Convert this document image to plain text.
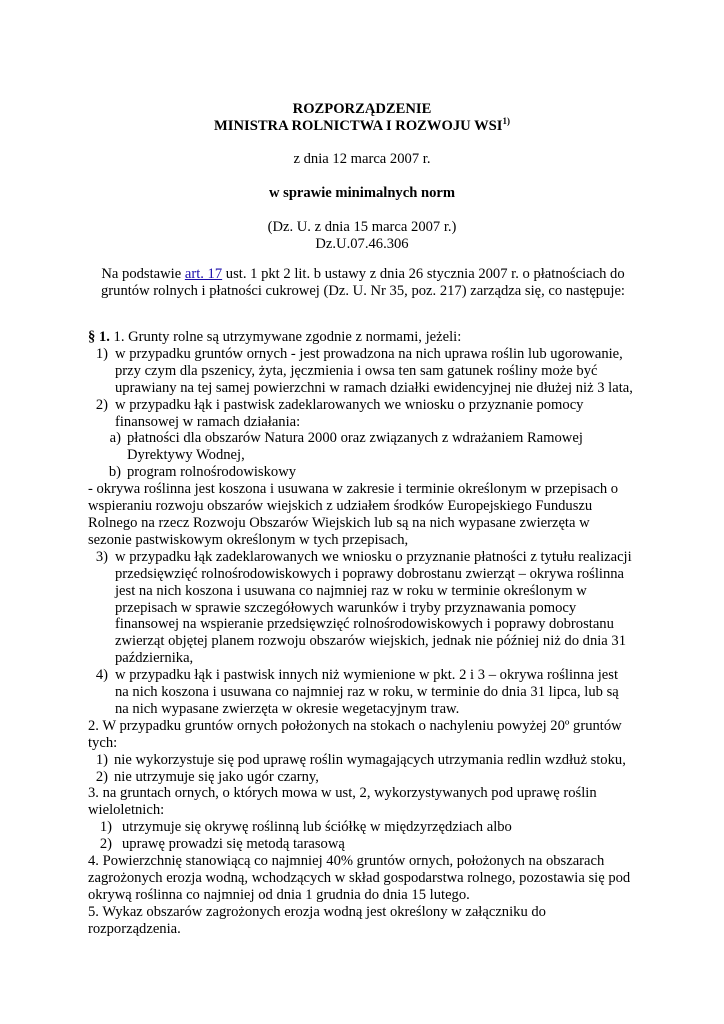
ROZPORZĄDZENIE
MINISTRA ROLNICTWA I ROZWOJU WSI$^{1)}$
z dnia 12 marca 2007 r.
w sprawie minimalnych norm
(Dz. U. z dnia 15 marca 2007 r.)
Dz.U.07.46.306
Na podstawie art. 17 ust. 1 pkt 2 lit. b ustawy z dnia 26 stycznia 2007 r. o płatnościach do gruntów rolnych i płatności cukrowej (Dz. U. Nr 35, poz. 217) zarządza się, co następuje:

§ 1. 1. Grunty rolne są utrzymywane zgodnie z normami, jeżeli:

1) w przypadku gruntów ornych - jest prowadzona na nich uprawa roślin lub ugorowanie, przy czym dla pszenicy, żyta, jęczmienia i owsa ten sam gatunek rośliny może być uprawiany na tej samej powierzchni w ramach działki ewidencyjnej nie dłużej niż 3 lata,
2) w przypadku łąk i pastwisk zadeklarowanych we wniosku o przyznanie pomocy finansowej w ramach działania:
a) płatności dla obszarów Natura 2000 oraz związanych z wdrażaniem Ramowej Dyrektywy Wodnej,
b) program rolnośrodowiskowy

- okrywa roślinna jest koszona i usuwana w zakresie i terminie określonym w przepisach o wspieraniu rozwoju obszarów wiejskich z udziałem środków Europejskiego Funduszu Rolnego na rzecz Rozwoju Obszarów Wiejskich lub są na nich wypasane zwierzęta w sezonie pastwiskowym określonym w tych przepisach,

3) w przypadku łąk zadeklarowanych we wniosku o przyznanie płatności z tytułu realizacji przedsięwzięć rolnośrodowiskowych i poprawy dobrostanu zwierząt – okrywa roślinna jest na nich koszona i usuwana co najmniej raz w roku w terminie określonym w przepisach w sprawie szczegółowych warunków i tryby przyznawania pomocy finansowej na wspieranie przedsięwzięć rolnośrodowiskowych i poprawy dobrostanu zwierząt objętej planem rozwoju obszarów wiejskich, jednak nie później niż do dnia 31 października,
4) w przypadku łąk i pastwisk innych niż wymienione w pkt. 2 i 3 – okrywa roślinna jest na nich koszona i usuwana co najmniej raz w roku, w terminie do dnia 31 lipca, lub są na nich wypasane zwierzęta w okresie wegetacyjnym traw.

2. W przypadku gruntów ornych położonych na stokach o nachyleniu powyżej 20º gruntów tych:

1) nie wykorzystuje się pod uprawę roślin wymagających utrzymania redlin wzdłuż stoku,
2) nie utrzymuje się jako ugór czarny,

3. na gruntach ornych, o których mowa w ust, 2, wykorzystywanych pod uprawę roślin wieloletnich:

1) utrzymuje się okrywę roślinną lub ściółkę w międzyrzędziach albo
2) uprawę prowadzi się metodą tarasową

4. Powierzchnię stanowiącą co najmniej 40% gruntów ornych, położonych na obszarach zagrożonych erozja wodną, wchodzących w skład gospodarstwa rolnego, pozostawia się pod okrywą roślinna co najmniej od dnia 1 grudnia do dnia 15 lutego.

5. Wykaz obszarów zagrożonych erozja wodną jest określony w załączniku do rozporządzenia.
